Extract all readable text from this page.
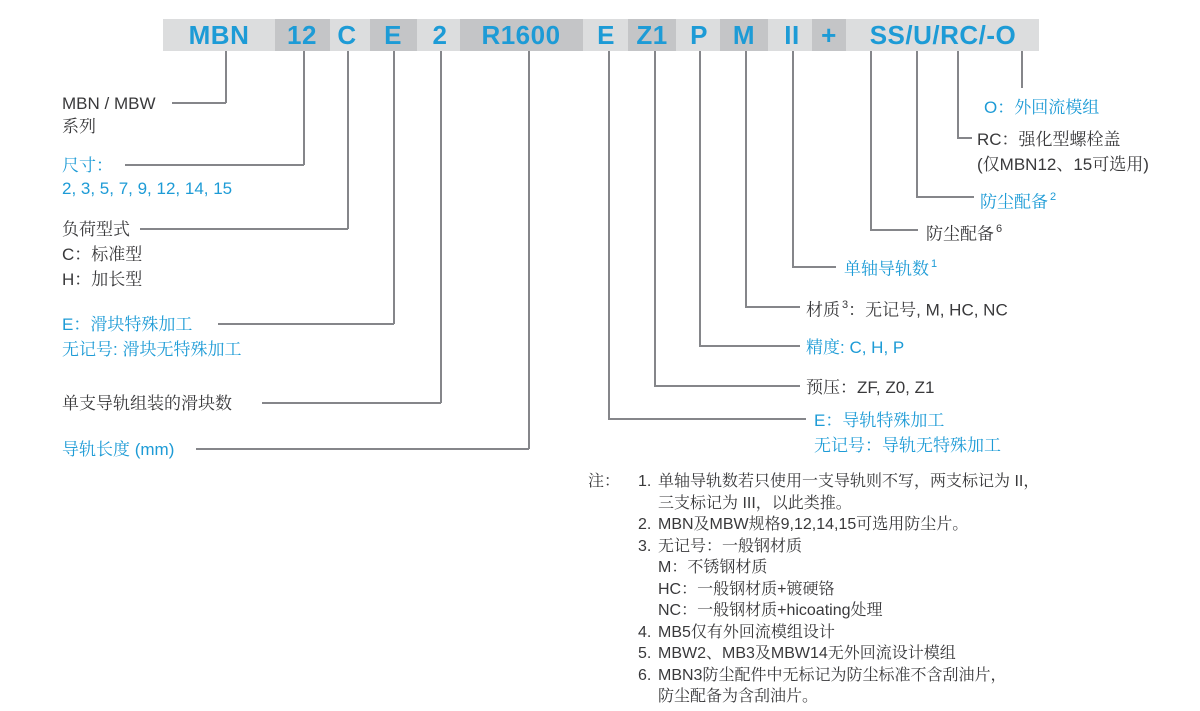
MBN	12 C	E	2	R1600	E Z1 P M	II +	SS/U/RC/-O
MBN / MBW
系列
尺寸：
2, 3, 5, 7, 9, 12, 14, 15
负荷型式
C：标准型
H：加长型
E：滑块特殊加工
无记号: 滑块无特殊加工
单支导轨组装的滑块数
导轨长度 (mm)
O：外回流模组
RC：强化型螺栓盖
(仅MBN12、15可选用)
防尘配备 $^2$
防尘配备 $^6$
单轴导轨数 $^1$
材质 $^3$：无记号, M, HC, NC
精度: C, H, P
预压：ZF, Z0, Z1
E：导轨特殊加工
无记号：导轨无特殊加工
注：	1. 单轴导轨数若只使用一支导轨则不写，两支标记为 II，
三支标记为 III，以此类推。
2. MBN及MBW规格9,12,14,15可选用防尘片。
3. 无记号：一般钢材质
M：不锈钢材质
HC：一般钢材质+镀硬铬
NC：一般钢材质+hicoating处理
4. MB5仅有外回流模组设计
5. MBW2、MB3及MBW14无外回流设计模组
6. MBN3防尘配件中无标记为防尘标准不含刮油片，
防尘配备为含刮油片。
